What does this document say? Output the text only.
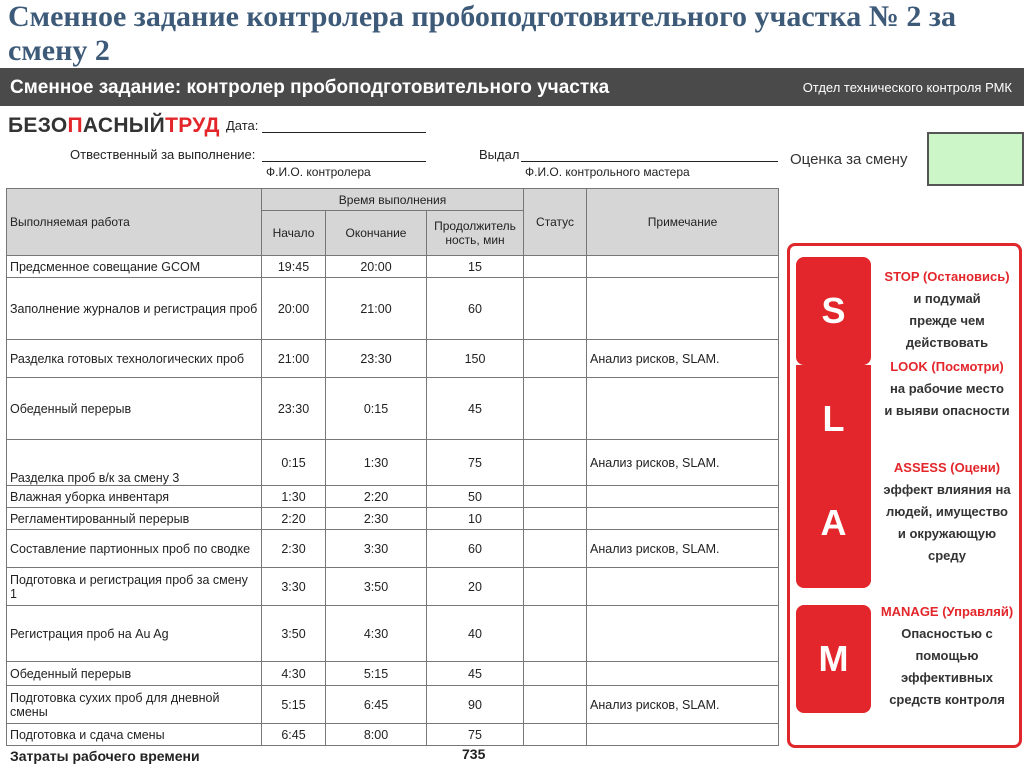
Сменное задание контролера пробоподготовительного участка № 2 за смену 2
Сменное задание: контролер пробоподготовительного участка	Отдел технического контроля РМК
БЕЗОПАСНЫЙТРУД Дата:
Отвественный за выполнение:
Ф.И.О. контролера
Выдал
Ф.И.О. контрольного мастера
Оценка за смену
Выполняемая работа	Время выполнения			Статус	Примечание
	Начало	Окончание	Продолжитель ность, мин		
Предсменное совещание GCOM	19:45	20:00	15		
Заполнение журналов и регистрация проб	20:00	21:00	60		
Разделка готовых технологических проб	21:00	23:30	150		Анализ рисков, SLAM.
Обеденный перерыв	23:30	0:15	45		
Разделка проб в/к за смену 3	0:15	1:30	75		Анализ рисков, SLAM.
Влажная уборка инвентаря	1:30	2:20	50		
Регламентированный перерыв	2:20	2:30	10		
Составление партионных проб по сводке	2:30	3:30	60		Анализ рисков, SLAM.
Подготовка и регистрация проб за смену 1	3:30	3:50	20		
Регистрация проб на Au Ag	3:50	4:30	40		
Обеденный перерыв	4:30	5:15	45		
Подготовка сухих проб для дневной смены	5:15	6:45	90		Анализ рисков, SLAM.
Подготовка и сдача смены	6:45	8:00	75		
Затраты рабочего времени	735
S
L
A
M
STOP (Остановись)
и подумай
прежде чем
действовать
LOOK (Посмотри)
на рабочие место
и выяви опасности
ASSESS (Оцени)
эффект влияния на
людей, имущество
и окружающую
среду
MANAGE (Управляй)
Опасностью с
помощью
эффективных
средств контроля
